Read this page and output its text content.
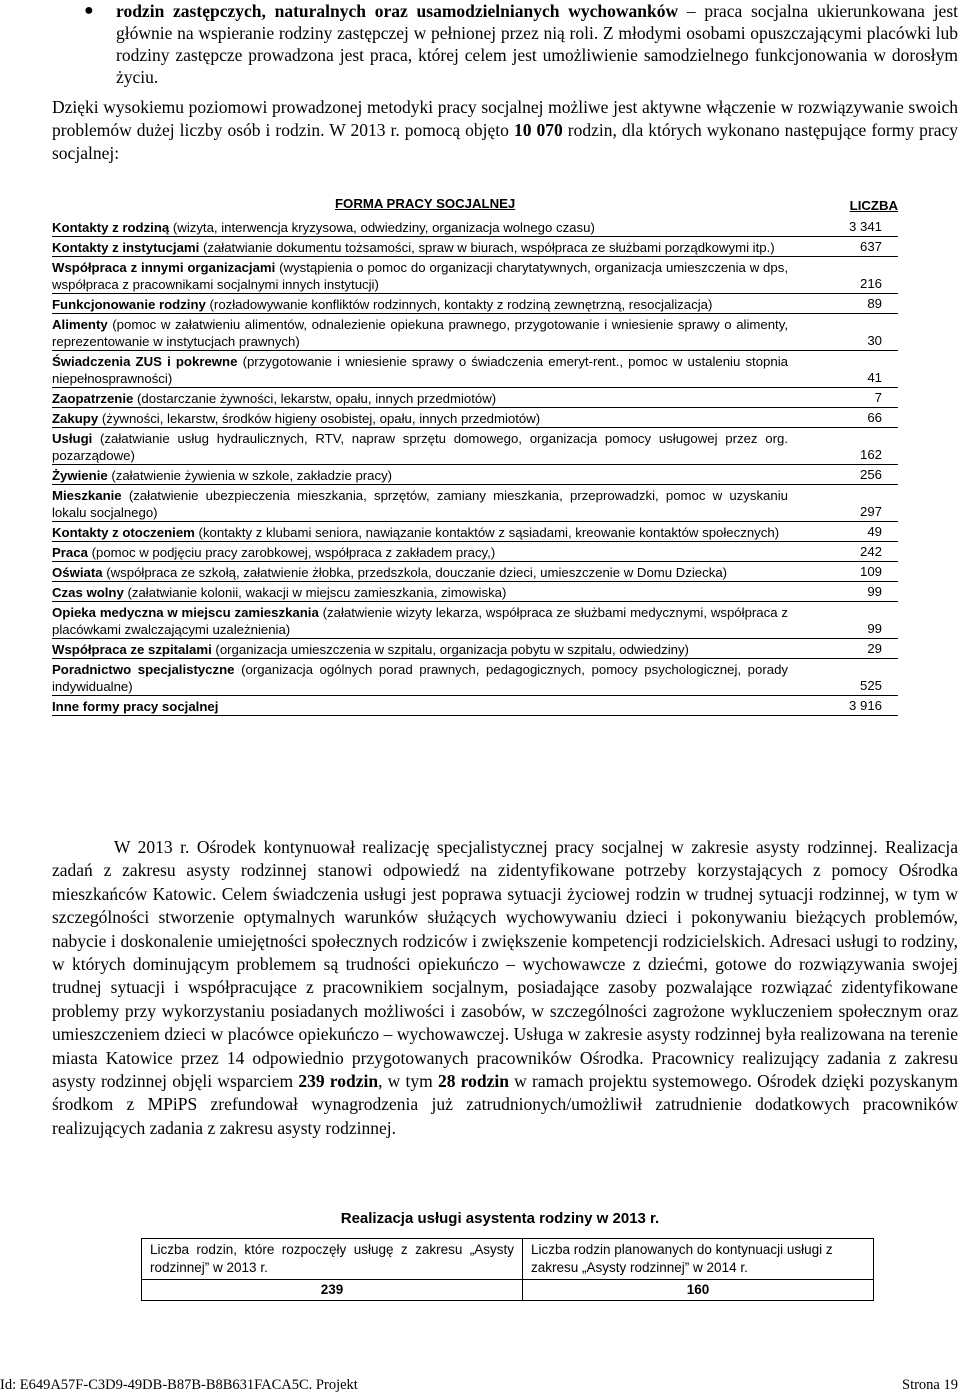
● rodzin zastępczych, naturalnych oraz usamodzielnianych wychowanków – praca socjalna ukierunkowana jest głównie na wspieranie rodziny zastępczej w pełnionej przez nią roli. Z młodymi osobami opuszczającymi placówki lub rodziny zastępcze prowadzona jest praca, której celem jest umożliwienie samodzielnego funkcjonowania w dorosłym życiu.
Dzięki wysokiemu poziomowi prowadzonej metodyki pracy socjalnej możliwe jest aktywne włączenie w rozwiązywanie swoich problemów dużej liczby osób i rodzin. W 2013 r. pomocą objęto 10 070 rodzin, dla których wykonano następujące formy pracy socjalnej:
FORMA PRACY SOCJALNEJ	LICZBA
Kontakty z rodziną (wizyta, interwencja kryzysowa, odwiedziny, organizacja wolnego czasu)	3 341
Kontakty z instytucjami (załatwianie dokumentu tożsamości, spraw w biurach, współpraca ze służbami porządkowymi itp.)	637
Współpraca z innymi organizacjami (wystąpienia o pomoc do organizacji charytatywnych, organizacja umieszczenia w dps, współpraca z pracownikami socjalnymi innych instytucji)	216
Funkcjonowanie rodziny (rozładowywanie konfliktów rodzinnych, kontakty z rodziną zewnętrzną, resocjalizacja)	89
Alimenty (pomoc w załatwieniu alimentów, odnalezienie opiekuna prawnego, przygotowanie i wniesienie sprawy o alimenty, reprezentowanie w instytucjach prawnych)	30
Świadczenia ZUS i pokrewne (przygotowanie i wniesienie sprawy o świadczenia emeryt-rent., pomoc w ustaleniu stopnia niepełnosprawności)	41
Zaopatrzenie (dostarczanie żywności, lekarstw, opału, innych przedmiotów)	7
Zakupy (żywności, lekarstw, środków higieny osobistej, opału, innych przedmiotów)	66
Usługi (załatwianie usług hydraulicznych, RTV, napraw sprzętu domowego, organizacja pomocy usługowej przez org. pozarządowe)	162
Żywienie (załatwienie żywienia w szkole, zakładzie pracy)	256
Mieszkanie (załatwienie ubezpieczenia mieszkania, sprzętów, zamiany mieszkania, przeprowadzki, pomoc w uzyskaniu lokalu socjalnego)	297
Kontakty z otoczeniem (kontakty z klubami seniora, nawiązanie kontaktów z sąsiadami, kreowanie kontaktów społecznych)	49
Praca (pomoc w podjęciu pracy zarobkowej, współpraca z zakładem pracy,)	242
Oświata (współpraca ze szkołą, załatwienie żłobka, przedszkola, douczanie dzieci, umieszczenie w Domu Dziecka)	109
Czas wolny (załatwianie kolonii, wakacji w miejscu zamieszkania, zimowiska)	99
Opieka medyczna w miejscu zamieszkania (załatwienie wizyty lekarza, współpraca ze służbami medycznymi, współpraca z placówkami zwalczającymi uzależnienia)	99
Współpraca ze szpitalami (organizacja umieszczenia w szpitalu, organizacja pobytu w szpitalu, odwiedziny)	29
Poradnictwo specjalistyczne (organizacja ogólnych porad prawnych, pedagogicznych, pomocy psychologicznej, porady indywidualne)	525
Inne formy pracy socjalnej	3 916
W 2013 r. Ośrodek kontynuował realizację specjalistycznej pracy socjalnej w zakresie asysty rodzinnej. Realizacja zadań z zakresu asysty rodzinnej stanowi odpowiedź na zidentyfikowane potrzeby korzystających z pomocy Ośrodka mieszkańców Katowic. Celem świadczenia usługi jest poprawa sytuacji życiowej rodzin w trudnej sytuacji rodzinnej, w tym w szczególności stworzenie optymalnych warunków służących wychowywaniu dzieci i pokonywaniu bieżących problemów, nabycie i doskonalenie umiejętności społecznych rodziców i zwiększenie kompetencji rodzicielskich. Adresaci usługi to rodziny, w których dominującym problemem są trudności opiekuńczo – wychowawcze z dziećmi, gotowe do rozwiązywania swojej trudnej sytuacji i współpracujące z pracownikiem socjalnym, posiadające zasoby pozwalające rozwiązać zidentyfikowane problemy przy wykorzystaniu posiadanych możliwości i zasobów, w szczególności zagrożone wykluczeniem społecznym oraz umieszczeniem dzieci w placówce opiekuńczo – wychowawczej. Usługa w zakresie asysty rodzinnej była realizowana na terenie miasta Katowice przez 14 odpowiednio przygotowanych pracowników Ośrodka. Pracownicy realizujący zadania z zakresu asysty rodzinnej objęli wsparciem 239 rodzin, w tym 28 rodzin w ramach projektu systemowego. Ośrodek dzięki pozyskanym środkom z MPiPS zrefundował wynagrodzenia już zatrudnionych/umożliwił zatrudnienie dodatkowych pracowników realizujących zadania z zakresu asysty rodzinnej.
Realizacja usługi asystenta rodziny w 2013 r.
Liczba rodzin, które rozpoczęły usługę z zakresu „Asysty rodzinnej” w 2013 r.	Liczba rodzin planowanych do kontynuacji usługi z zakresu „Asysty rodzinnej” w 2014 r.
239	160
Id: E649A57F-C3D9-49DB-B87B-B8B631FACA5C. Projekt	Strona 19
